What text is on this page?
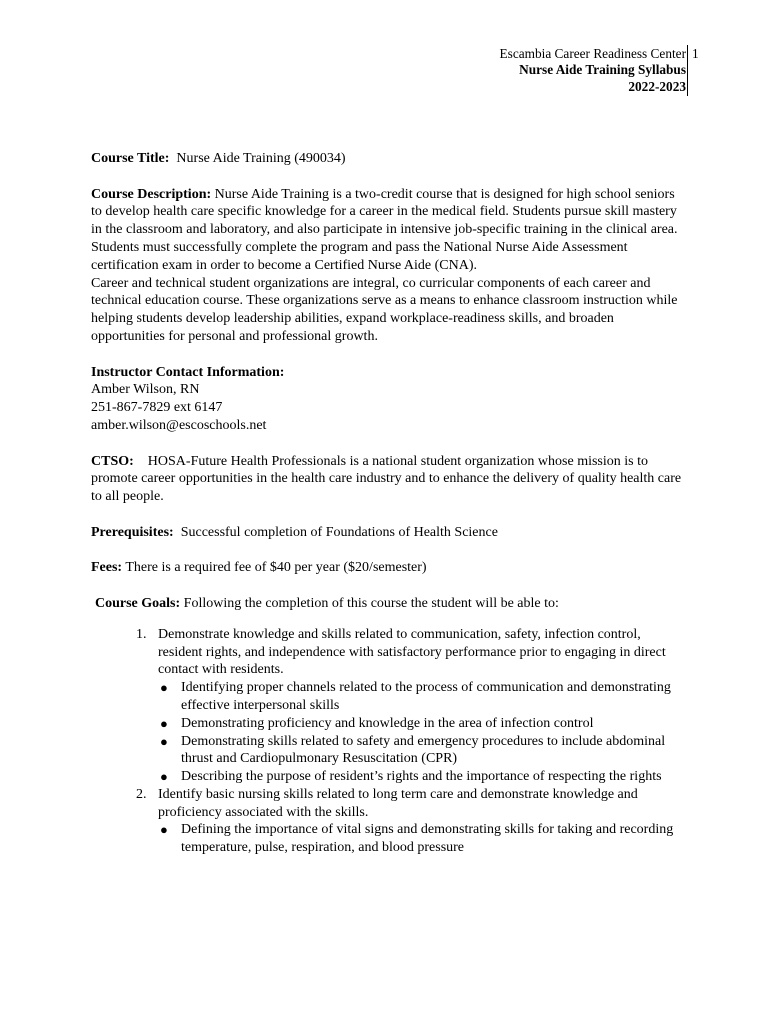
Escambia Career Readiness Center
Nurse Aide Training Syllabus
2022-2023
1

Course Title: Nurse Aide Training (490034)

Course Description: Nurse Aide Training is a two-credit course that is designed for high school seniors to develop health care specific knowledge for a career in the medical field. Students pursue skill mastery in the classroom and laboratory, and also participate in intensive job-specific training in the clinical area. Students must successfully complete the program and pass the National Nurse Aide Assessment certification exam in order to become a Certified Nurse Aide (CNA).

Career and technical student organizations are integral, co curricular components of each career and technical education course. These organizations serve as a means to enhance classroom instruction while helping students develop leadership abilities, expand workplace-readiness skills, and broaden opportunities for personal and professional growth.

Instructor Contact Information:

Amber Wilson, RN

251-867-7829 ext 6147

amber.wilson@escoschools.net

CTSO: HOSA-Future Health Professionals is a national student organization whose mission is to promote career opportunities in the health care industry and to enhance the delivery of quality health care to all people.

Prerequisites: Successful completion of Foundations of Health Science

Fees: There is a required fee of $40 per year ($20/semester)

Course Goals: Following the completion of this course the student will be able to:

1. Demonstrate knowledge and skills related to communication, safety, infection control, resident rights, and independence with satisfactory performance prior to engaging in direct contact with residents.
● Identifying proper channels related to the process of communication and demonstrating effective interpersonal skills
● Demonstrating proficiency and knowledge in the area of infection control
● Demonstrating skills related to safety and emergency procedures to include abdominal thrust and Cardiopulmonary Resuscitation (CPR)
● Describing the purpose of resident’s rights and the importance of respecting the rights
2. Identify basic nursing skills related to long term care and demonstrate knowledge and proficiency associated with the skills.
● Defining the importance of vital signs and demonstrating skills for taking and recording temperature, pulse, respiration, and blood pressure
